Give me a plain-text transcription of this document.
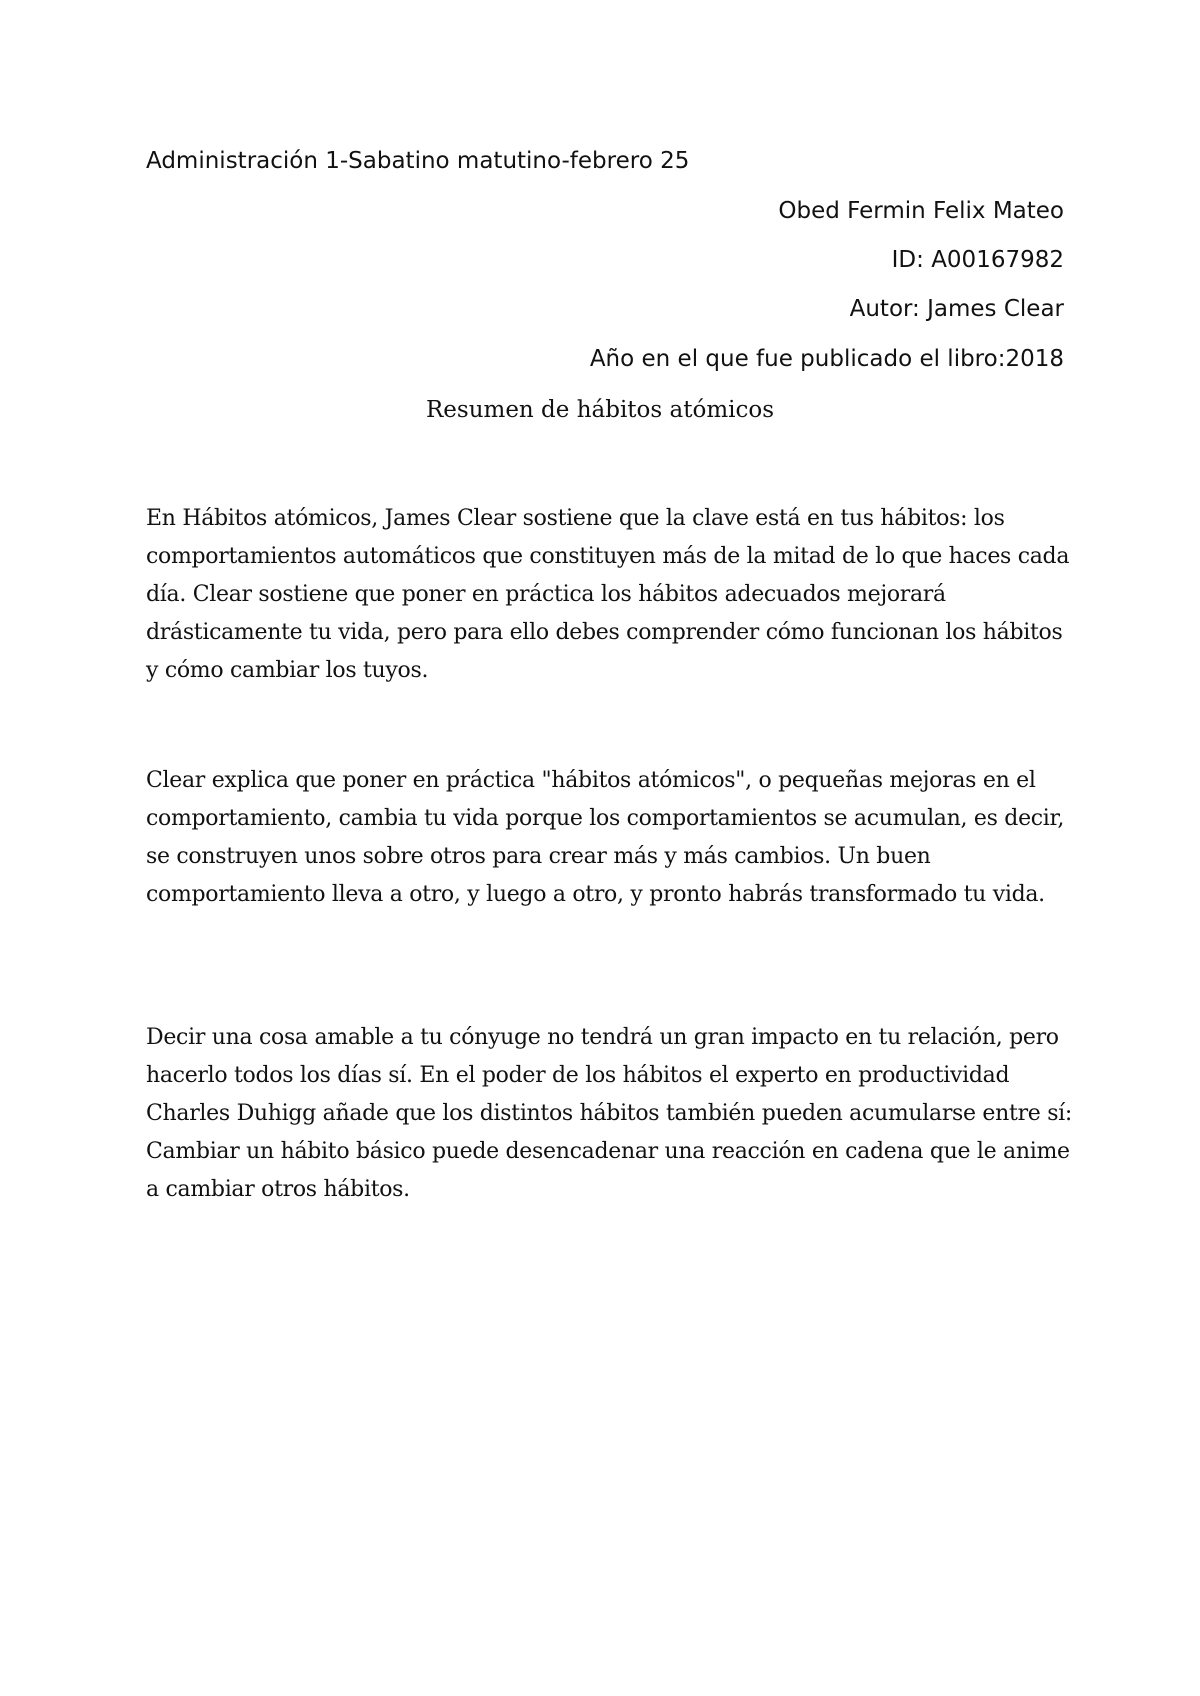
Administración 1-Sabatino matutino-febrero 25
Obed Fermin Felix Mateo
ID: A00167982
Autor: James Clear
Año en el que fue publicado el libro:2018
Resumen de hábitos atómicos

En Hábitos atómicos, James Clear sostiene que la clave está en tus hábitos: los comportamientos automáticos que constituyen más de la mitad de lo que haces cada día. Clear sostiene que poner en práctica los hábitos adecuados mejorará drásticamente tu vida, pero para ello debes comprender cómo funcionan los hábitos y cómo cambiar los tuyos.

Clear explica que poner en práctica "hábitos atómicos", o pequeñas mejoras en el comportamiento, cambia tu vida porque los comportamientos se acumulan, es decir, se construyen unos sobre otros para crear más y más cambios. Un buen comportamiento lleva a otro, y luego a otro, y pronto habrás transformado tu vida.

Decir una cosa amable a tu cónyuge no tendrá un gran impacto en tu relación, pero hacerlo todos los días sí. En el poder de los hábitos el experto en productividad Charles Duhigg añade que los distintos hábitos también pueden acumularse entre sí: Cambiar un hábito básico puede desencadenar una reacción en cadena que le anime a cambiar otros hábitos.
